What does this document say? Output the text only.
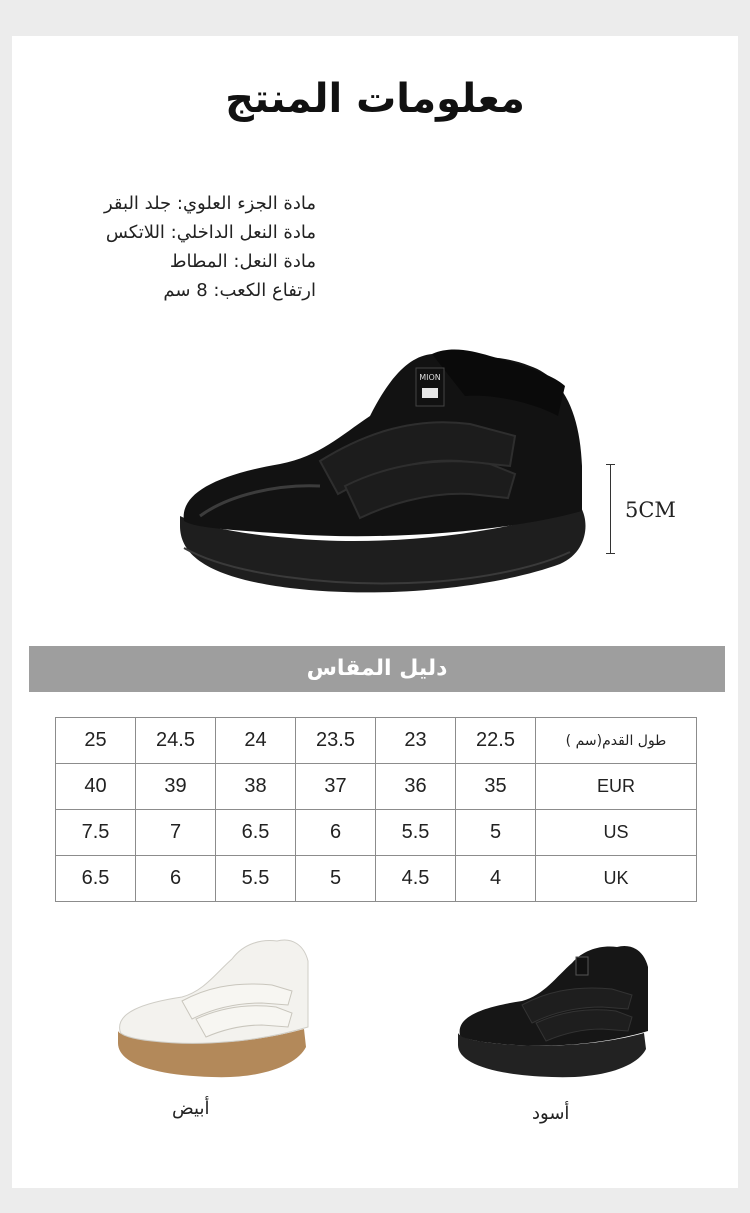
معلومات المنتج
مادة الجزء العلوي: جلد البقر
مادة النعل الداخلي: اللاتكس
مادة النعل: المطاط
ارتفاع الكعب: 8 سم
MION
5CM
دليل المقاس
25	24.5	24	23.5	23	22.5	طول القدم(سم )
40	39	38	37	36	35	EUR
7.5	7	6.5	6	5.5	5	US
6.5	6	5.5	5	4.5	4	UK
أبيض	أسود
